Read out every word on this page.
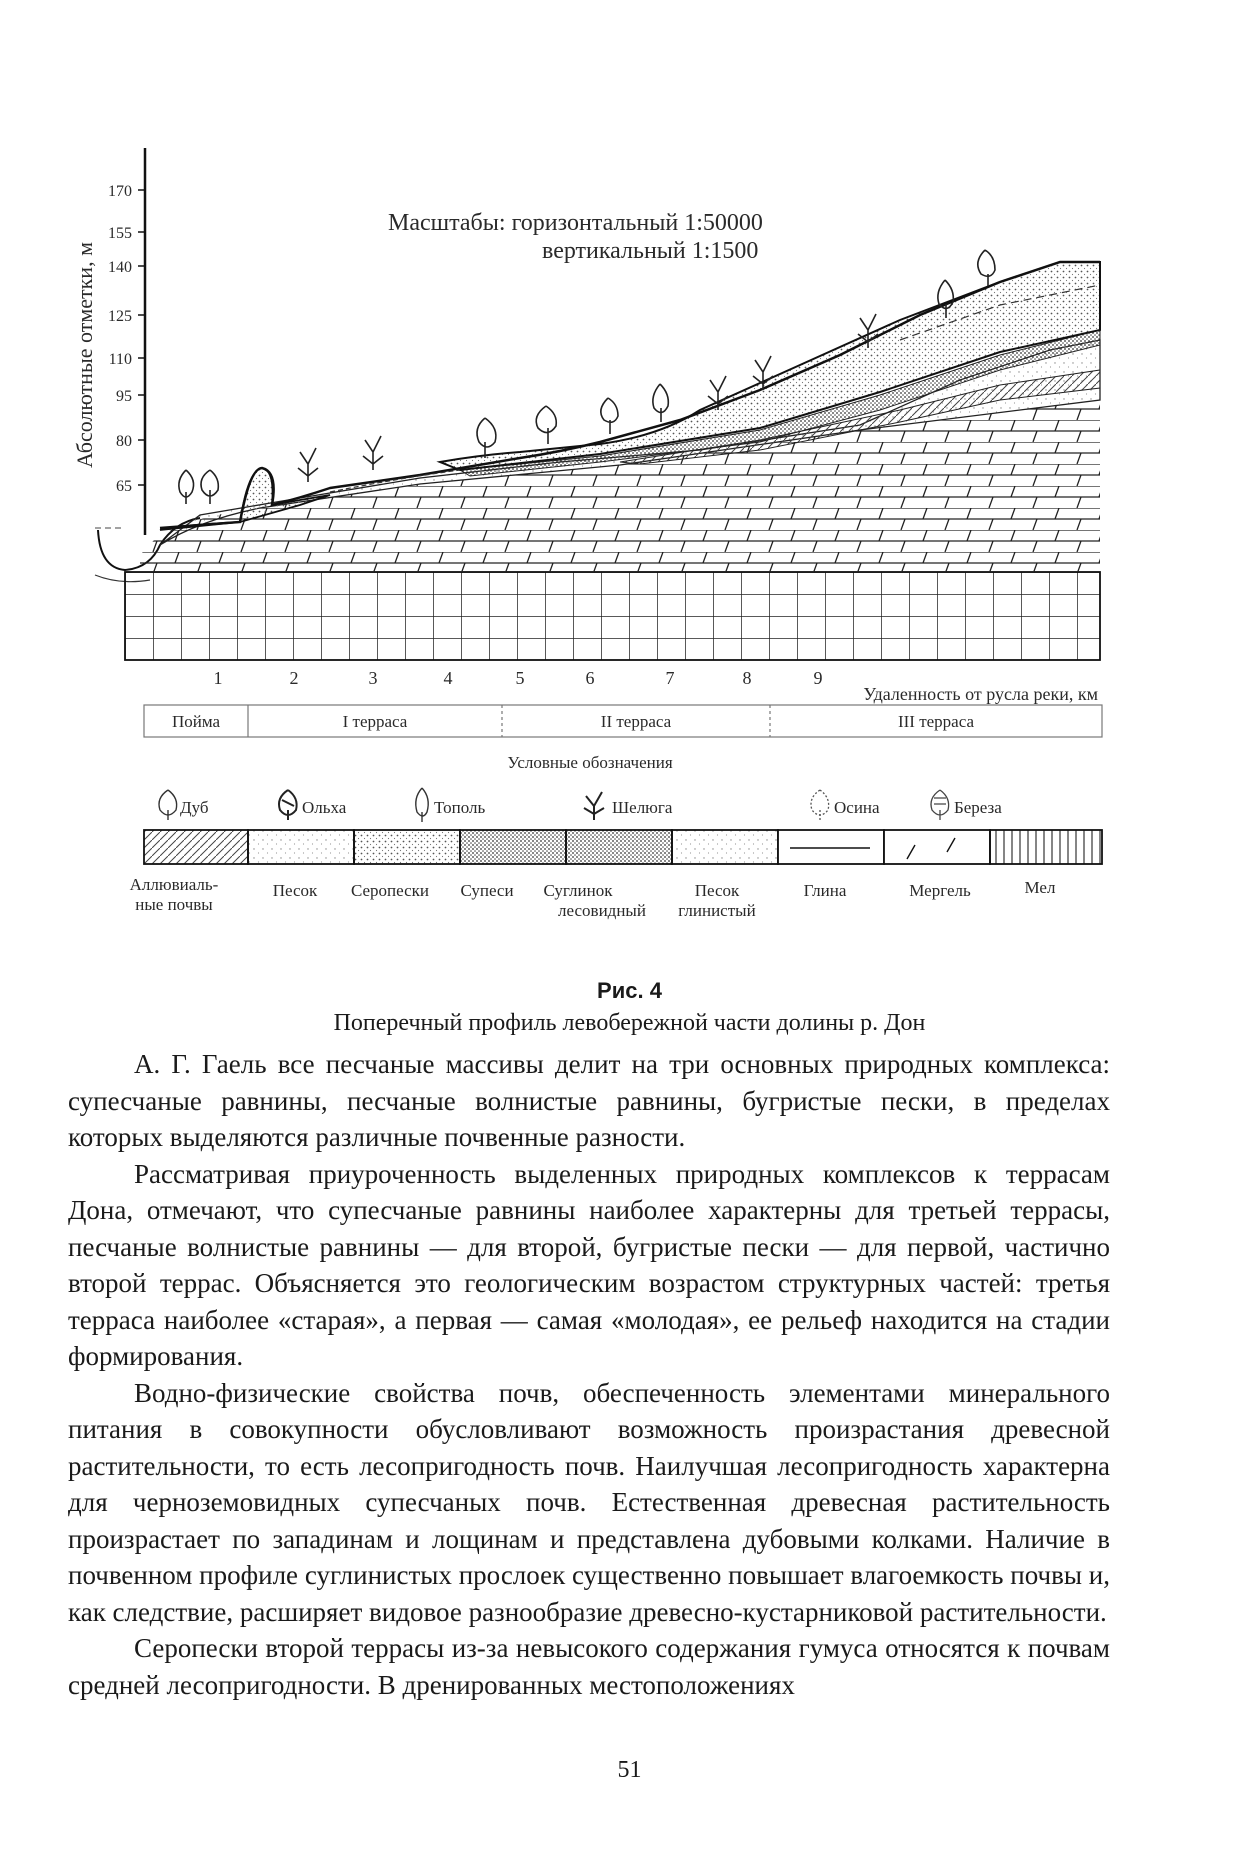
170
155
140
125
110
95
80
65
Абсолютные отметки, м
Масштабы: горизонтальный 1:50000
вертикальный 1:1500
1	2	3	4	5	6	7	8	9
Удаленность от русла реки, км
Пойма	I терраса	II терраса	III терраса
Условные обозначения
Дуб	Ольха	Тополь	Шелюга	Осина	Береза
Аллювиаль-
ные почвы
Песок Серопески Супеси Суглинок
лесовидный
Песок
глинистый
Глина	Мергель	Мел
Рис. 4
Поперечный профиль левобережной части долины р. Дон

А. Г. Гаель все песчаные массивы делит на три основных природных комплекса: супесчаные равнины, песчаные волнистые равнины, бугристые пески, в пределах которых выделяются различные почвенные разности.

Рассматривая приуроченность выделенных природных комплексов к террасам Дона, отмечают, что супесчаные равнины наиболее характерны для третьей террасы, песчаные волнистые равнины — для второй, бугристые пески — для первой, частично второй террас. Объясняется это геологическим возрастом структурных частей: третья терраса наиболее «старая», а первая — самая «молодая», ее рельеф находится на стадии формирования.

Водно-физические свойства почв, обеспеченность элементами минерального питания в совокупности обусловливают возможность произрастания древесной растительности, то есть лесопригодность почв. Наилучшая лесопригодность характерна для черноземовидных супесчаных почв. Естественная древесная растительность произрастает по западинам и лощинам и представлена дубовыми колками. Наличие в почвенном профиле суглинистых прослоек существенно повышает влагоемкость почвы и, как следствие, расширяет видовое разнообразие древесно-кустарниковой растительности.

Серопески второй террасы из-за невысокого содержания гумуса относятся к почвам средней лесопригодности. В дренированных местоположениях

51
